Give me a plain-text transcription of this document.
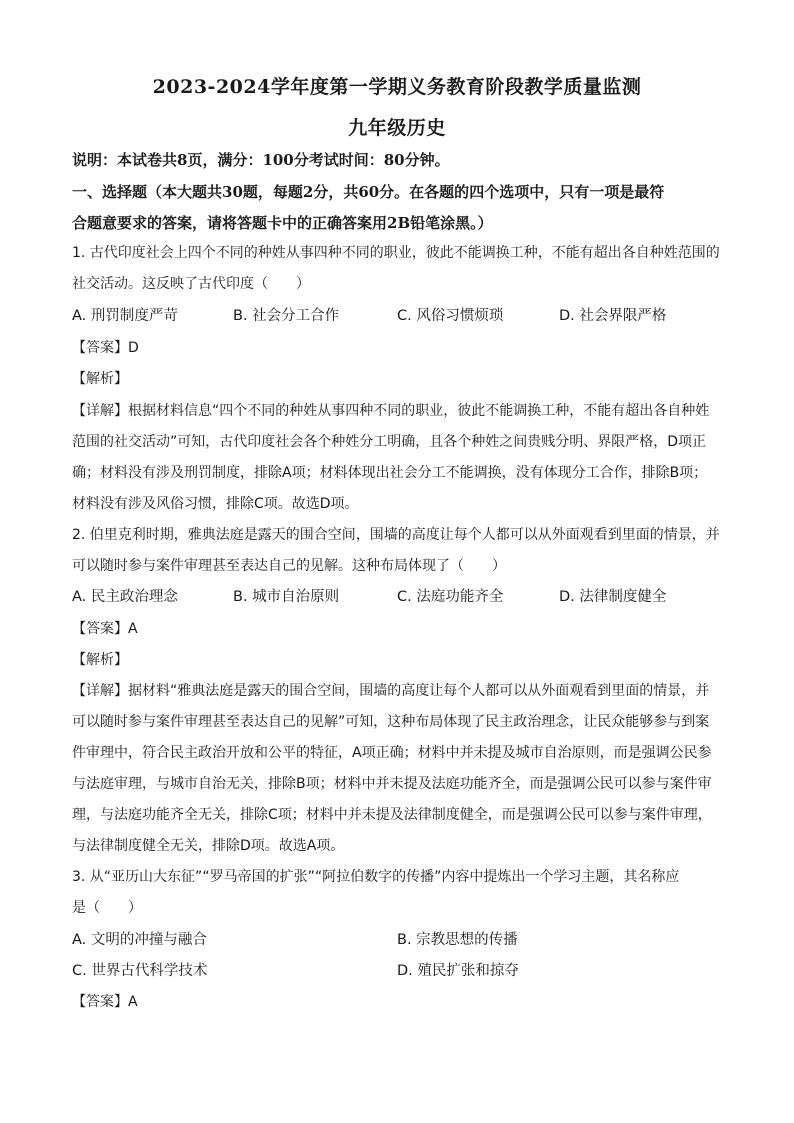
2023-2024学年度第一学期义务教育阶段教学质量监测
九年级历史
说明：本试卷共8页，满分：100分考试时间：80分钟。
一、选择题（本大题共30题，每题2分，共60分。在各题的四个选项中，只有一项是最符
合题意要求的答案，请将答题卡中的正确答案用2B铅笔涂黑。）
1. 古代印度社会上四个不同的种姓从事四种不同的职业，彼此不能调换工种，不能有超出各自种姓范围的
社交活动。这反映了古代印度（　　）
A. 刑罚制度严苛	B. 社会分工合作	C. 风俗习惯烦琐	D. 社会界限严格
【答案】D
【解析】
【详解】根据材料信息“四个不同的种姓从事四种不同的职业，彼此不能调换工种，不能有超出各自种姓
范围的社交活动”可知，古代印度社会各个种姓分工明确，且各个种姓之间贵贱分明、界限严格，D项正
确；材料没有涉及刑罚制度，排除A项；材料体现出社会分工不能调换，没有体现分工合作，排除B项；
材料没有涉及风俗习惯，排除C项。故选D项。
2. 伯里克利时期，雅典法庭是露天的围合空间，围墙的高度让每个人都可以从外面观看到里面的情景，并
可以随时参与案件审理甚至表达自己的见解。这种布局体现了（　　）
A. 民主政治理念	B. 城市自治原则	C. 法庭功能齐全	D. 法律制度健全
【答案】A
【解析】
【详解】据材料“雅典法庭是露天的围合空间，围墙的高度让每个人都可以从外面观看到里面的情景，并
可以随时参与案件审理甚至表达自己的见解”可知，这种布局体现了民主政治理念，让民众能够参与到案
件审理中，符合民主政治开放和公平的特征，A项正确；材料中并未提及城市自治原则，而是强调公民参
与法庭审理，与城市自治无关，排除B项；材料中并未提及法庭功能齐全，而是强调公民可以参与案件审
理，与法庭功能齐全无关，排除C项；材料中并未提及法律制度健全，而是强调公民可以参与案件审理，
与法律制度健全无关，排除D项。故选A项。
3. 从“亚历山大东征”“罗马帝国的扩张”“阿拉伯数字的传播”内容中提炼出一个学习主题，其名称应
是（　　）
A. 文明的冲撞与融合	B. 宗教思想的传播
C. 世界古代科学技术	D. 殖民扩张和掠夺
【答案】A
